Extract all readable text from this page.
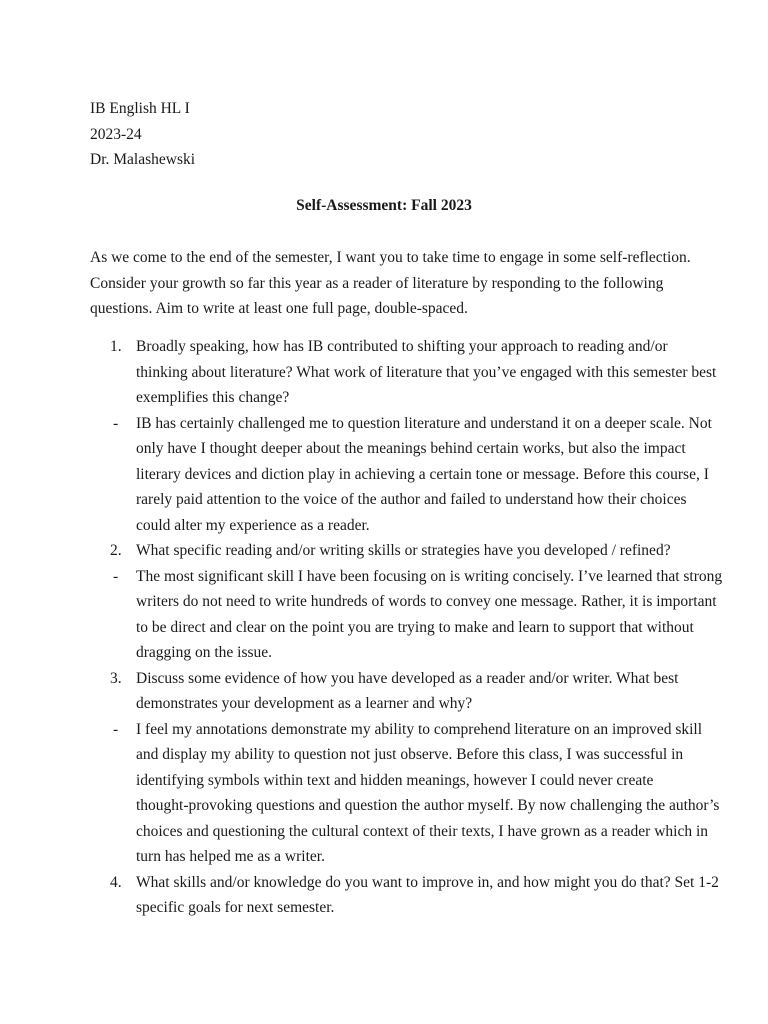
IB English HL I
2023-24
Dr. Malashewski
Self-Assessment: Fall 2023
As we come to the end of the semester, I want you to take time to engage in some self-reflection.
Consider your growth so far this year as a reader of literature by responding to the following
questions. Aim to write at least one full page, double-spaced.
1. Broadly speaking, how has IB contributed to shifting your approach to reading and/or
thinking about literature? What work of literature that you’ve engaged with this semester best
exemplifies this change?
- IB has certainly challenged me to question literature and understand it on a deeper scale. Not
only have I thought deeper about the meanings behind certain works, but also the impact
literary devices and diction play in achieving a certain tone or message. Before this course, I
rarely paid attention to the voice of the author and failed to understand how their choices
could alter my experience as a reader.
2. What specific reading and/or writing skills or strategies have you developed / refined?
- The most significant skill I have been focusing on is writing concisely. I’ve learned that strong
writers do not need to write hundreds of words to convey one message. Rather, it is important
to be direct and clear on the point you are trying to make and learn to support that without
dragging on the issue.
3. Discuss some evidence of how you have developed as a reader and/or writer. What best
demonstrates your development as a learner and why?
- I feel my annotations demonstrate my ability to comprehend literature on an improved skill
and display my ability to question not just observe. Before this class, I was successful in
identifying symbols within text and hidden meanings, however I could never create
thought-provoking questions and question the author myself. By now challenging the author’s
choices and questioning the cultural context of their texts, I have grown as a reader which in
turn has helped me as a writer.
4. What skills and/or knowledge do you want to improve in, and how might you do that? Set 1-2
specific goals for next semester.
